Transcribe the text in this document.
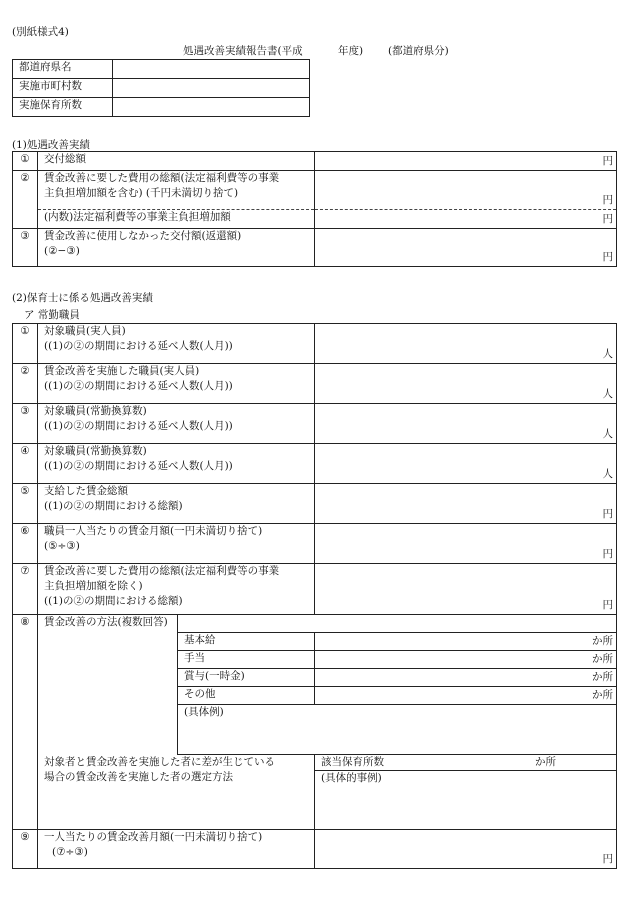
(別紙様式4)
処遇改善実績報告書(平成	年度) (都道府県分)
都道府県名	
実施市町村数	
実施保育所数	
(1)処遇改善実績
①	交付総額	円
②	賃金改善に要した費用の総額(法定福利費等の事業
主負担増加額を含む) (千円未満切り捨て)	円

	(内数)法定福利費等の事業主負担増加額	円
③	賃金改善に使用しなかった交付額(返還額)
(②−③)	円
(2)保育士に係る処遇改善実績
ア 常勤職員
①	対象職員(実人員)
((1)の②の期間における延べ人数(人月))		人
②	賃金改善を実施した職員(実人員)
((1)の②の期間における延べ人数(人月))		人
③	対象職員(常勤換算数)
((1)の②の期間における延べ人数(人月))		人
④	対象職員(常勤換算数)
((1)の②の期間における延べ人数(人月))		人
⑤	支給した賃金総額
((1)の②の期間における総額)		円
⑥	職員一人当たりの賃金月額(一円未満切り捨て)
(⑤÷③)		円
⑦	賃金改善に要した費用の総額(法定福利費等の事業
主負担増加額を除く)
((1)の②の期間における総額)		円
⑧	賃金改善の方法(複数回答)		
		基本給	か所
		手当	か所
		賞与(一時金)	か所
		その他	か所
		(具体例)	

	対象者と賃金改善を実施した者に差が生じている
場合の賃金改善を実施した者の選定方法		該当保育所数 か所

			(具体的事例)
⑨	一人当たりの賃金改善月額(一円未満切り捨て)
(⑦÷③)		円
